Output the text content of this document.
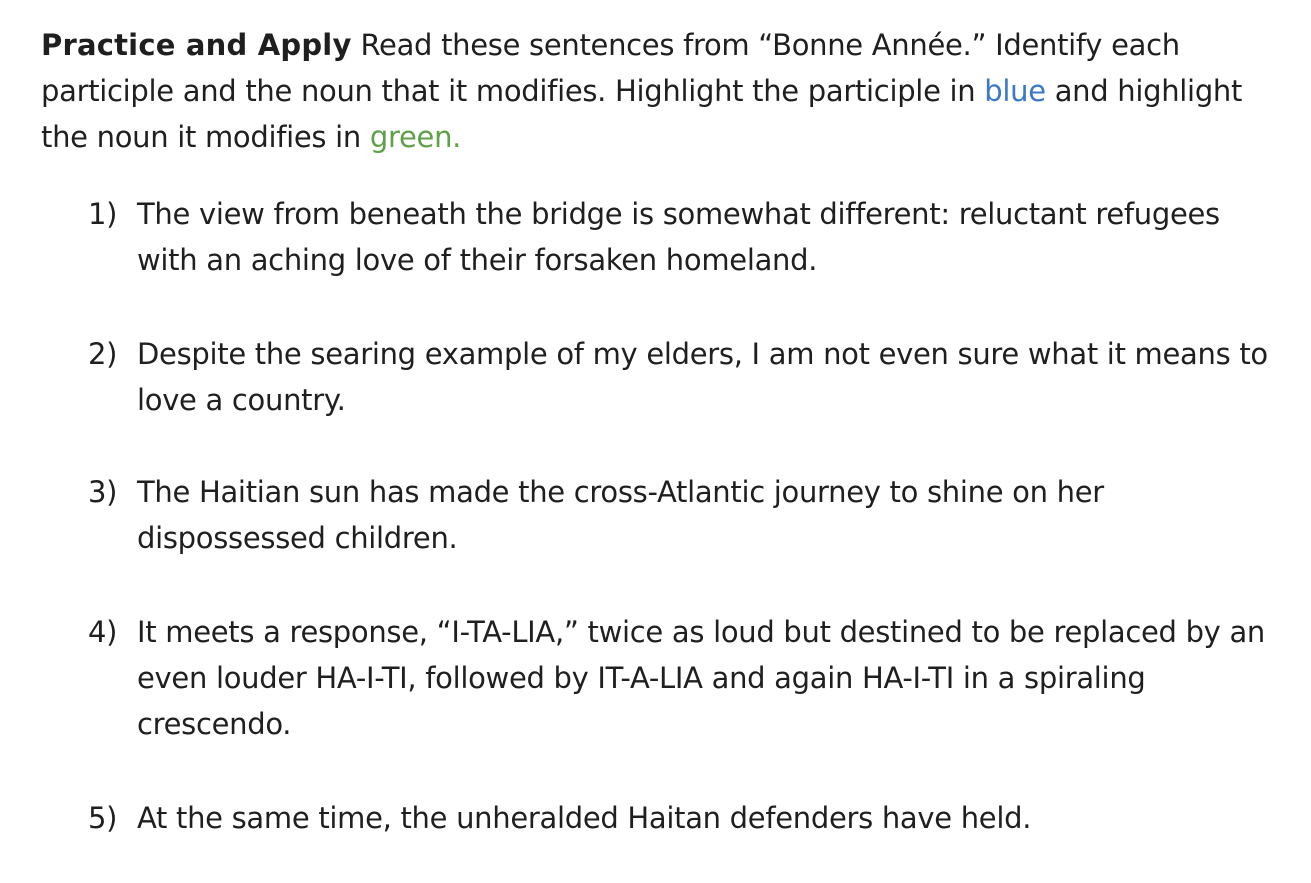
Practice and Apply Read these sentences from “Bonne Année.” Identify each participle and the noun that it modifies. Highlight the participle in blue and highlight the noun it modifies in green.

1) The view from beneath the bridge is somewhat different: reluctant refugees with an aching love of their forsaken homeland.
2) Despite the searing example of my elders, I am not even sure what it means to love a country.
3) The Haitian sun has made the cross-Atlantic journey to shine on her dispossessed children.
4) It meets a response, “I-TA-LIA,” twice as loud but destined to be replaced by an even louder HA-I-TI, followed by IT-A-LIA and again HA-I-TI in a spiraling crescendo.
5) At the same time, the unheralded Haitan defenders have held.
